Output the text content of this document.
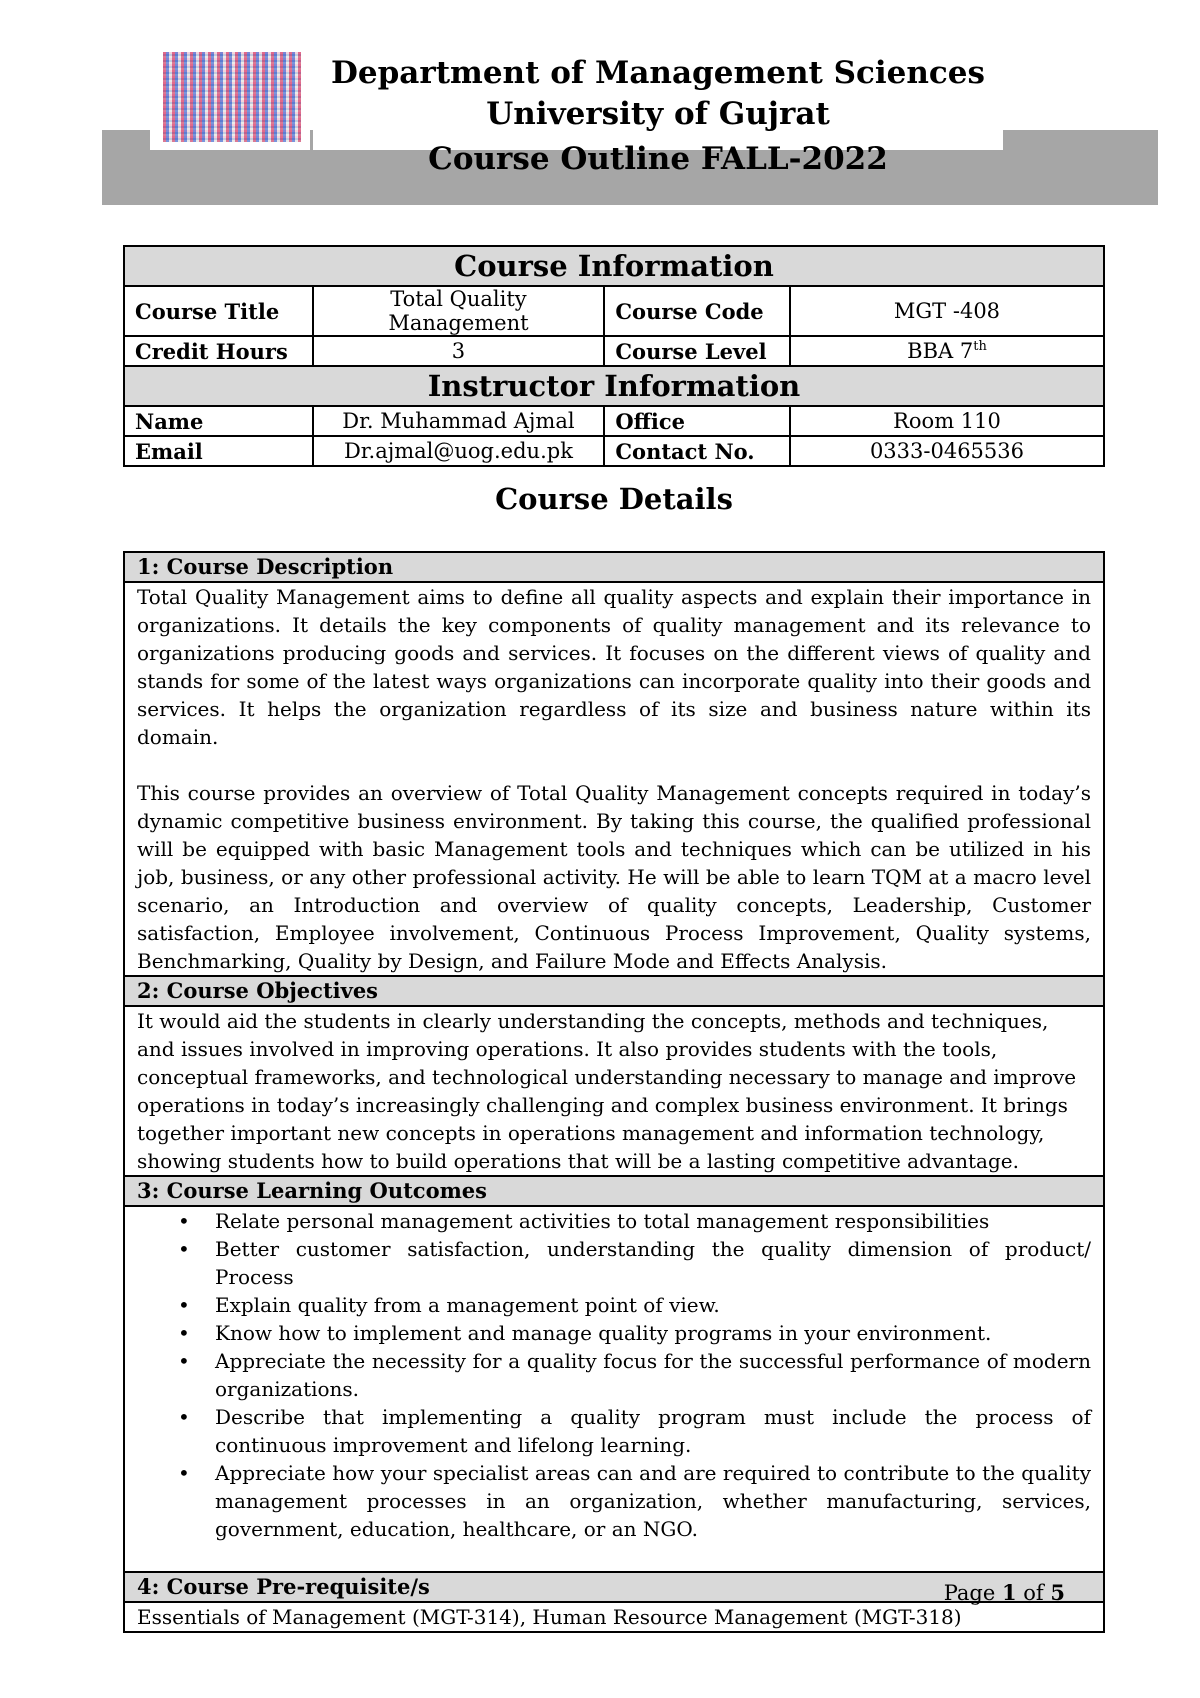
Department of Management Sciences
University of Gujrat
Course Outline FALL-2022
Course Information			
Course Title	Total Quality Management	Course Code	MGT -408
Credit Hours	3	Course Level	BBA 7th
Instructor Information			
Name	Dr. Muhammad Ajmal	Office	Room 110
Email	Dr.ajmal@uog.edu.pk	Contact No.	0333-0465536
Course Details
1: Course Description

Total Quality Management aims to define all quality aspects and explain their importance in organizations. It details the key components of quality management and its relevance to organizations producing goods and services. It focuses on the different views of quality and stands for some of the latest ways organizations can incorporate quality into their goods and services. It helps the organization regardless of its size and business nature within its domain.

This course provides an overview of Total Quality Management concepts required in today’s dynamic competitive business environment. By taking this course, the qualified professional will be equipped with basic Management tools and techniques which can be utilized in his job, business, or any other professional activity. He will be able to learn TQM at a macro level scenario, an Introduction and overview of quality concepts, Leadership, Customer satisfaction, Employee involvement, Continuous Process Improvement, Quality systems, Benchmarking, Quality by Design, and Failure Mode and Effects Analysis.

2: Course Objectives

It would aid the students in clearly understanding the concepts, methods and techniques, and issues involved in improving operations. It also provides students with the tools, conceptual frameworks, and technological understanding necessary to manage and improve operations in today’s increasingly challenging and complex business environment. It brings together important new concepts in operations management and information technology, showing students how to build operations that will be a lasting competitive advantage.

3: Course Learning Outcomes

• Relate personal management activities to total management responsibilities
• Better customer satisfaction, understanding the quality dimension of product/ Process
• Explain quality from a management point of view.
• Know how to implement and manage quality programs in your environment.
• Appreciate the necessity for a quality focus for the successful performance of modern organizations.
• Describe that implementing a quality program must include the process of continuous improvement and lifelong learning.
• Appreciate how your specialist areas can and are required to contribute to the quality management processes in an organization, whether manufacturing, services, government, education, healthcare, or an NGO.

4: Course Pre-requisite/s
Essentials of Management (MGT-314), Human Resource Management (MGT-318)
Page 1 of 5
